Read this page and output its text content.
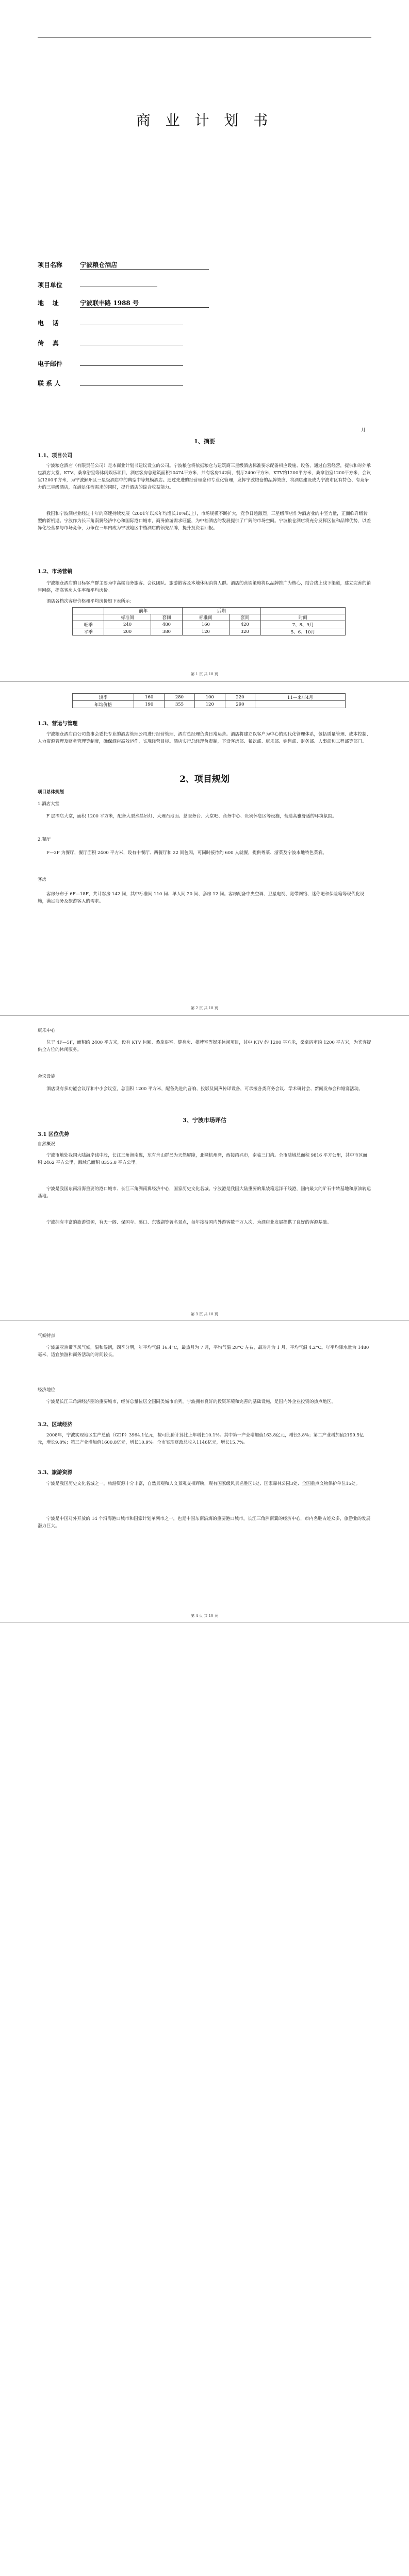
商 业 计 划 书
项目名称	宁波粮仓酒店
项目单位
地    址	宁波联丰路 1988 号
电    话
传    真
电子邮件
联 系 人
月
1、摘要
1.1、项目公司

宁波粮仓酒店（有限责任公司）是本商业计划书建议设立的公司。宁波粮仓将依据粮仓与建筑商三星级酒店标准要求配备相应设施、设备，通过自营经营，提供和对外承包酒店大堂、KTV、桑拿浴室等休闲娱乐项目，酒店客房总建筑面积10474平方米，共有客房142间，餐厅2400平方米，KTV约1200平方米，桑拿浴室1200平方米，会议室1200平方米，为宁波鄞州区三星级酒店中的典型中等规模酒店。通过先进的经营理念和专业化管理，发挥宁波粮仓的品牌效应，将酒店建设成为宁波市区有特色、有竞争力的三星级酒店，在满足住宿需求的同时，提升酒店的综合收益能力。

我国和宁波酒店业经过十年的高速持续发展（2001年以来年均增长10%以上），市场规模不断扩大，竞争日趋激烈。三星级酒店作为酒店业的中坚力量，正面临升级转型的新机遇。宁波作为长三角南翼经济中心和国际港口城市，商务旅游需求旺盛，为中档酒店的发展提供了广阔的市场空间。宁波粮仓酒店将充分发挥区位和品牌优势，以差异化经营参与市场竞争，力争在三年内成为宁波地区中档酒店的领先品牌，提升投资者回报。

1.2、市场营销

宁波粮仓酒店的目标客户群主要为中高端商务旅客、会议团队、旅游散客及本地休闲消费人群。酒店的营销策略将以品牌推广为核心，结合线上线下渠道，建立完善的销售网络，提高客房入住率和平均房价。

酒店各档次客房价格和平均房价如下表所示：

	前年		后期		
	标准间	套间	标准间	套间	时间
旺季	240	480	160	420	7、8、9月
平季	200	380	120	320	5、6、10月
第 1 页 共 10 页
淡季	160	280	100	220	11—来年4月
年均价格	190	355	120	290	
1.3、营运与管理

宁波粮仓酒店由公司董事会委托专业的酒店管理公司进行经营管理，酒店总经理负责日常运营。酒店将建立以客户为中心的现代化管理体系，包括质量管理、成本控制、人力资源管理及财务管理等制度，确保酒店高效运作，实现经营目标。酒店实行总经理负责制，下设客房部、餐饮部、康乐部、销售部、财务部、人事部和工程部等部门。

2、项目规划
项目总体规划
1.酒店大堂

F 层酒店大堂，面积 1200 平方米，配备大型水晶吊灯、大理石地面、总服务台、大堂吧、商务中心、贵宾休息区等设施，营造高雅舒适的环境氛围。

2.餐厅

F—3F 为餐厅，餐厅面积 2400 平方米，设有中餐厅、西餐厅和 22 间包厢，可同时接待约 600 人就餐，提供粤菜、浙菜及宁波本地特色菜肴。

客房

客房分布于 6F—18F，共计客房 142 间，其中标准间 110 间、单人间 20 间、套房 12 间。客房配备中央空调、卫星电视、宽带网络、迷你吧和保险箱等现代化设施，满足商务及旅游客人的需求。

第 2 页 共 10 页
康乐中心

位于 4F—5F，面积约 2400 平方米，设有 KTV 包厢、桑拿浴室、健身房、棋牌室等娱乐休闲项目，其中 KTV 约 1200 平方米，桑拿浴室约 1200 平方米，为宾客提供全方位的休闲服务。

会议设施

酒店设有多功能会议厅和中小会议室，总面积 1200 平方米，配备先进的音响、投影及同声传译设备，可承接各类商务会议、学术研讨会、新闻发布会和婚宴活动。

3、宁波市场评估
3.1 区位优势
自然概况

宁波市地处我国大陆海岸线中段，长江三角洲南翼，东有舟山群岛为天然屏障，北濒杭州湾，西接绍兴市，南临三门湾。全市陆域总面积 9816 平方公里，其中市区面积 2462 平方公里，海域总面积 8355.8 平方公里。

宁波是我国东南沿海重要的港口城市、长江三角洲南翼经济中心，国家历史文化名城。宁波港是我国大陆重要的集装箱远洋干线港，国内最大的矿石中转基地和原油转运基地。

宁波拥有丰富的旅游资源，有天一阁、保国寺、溪口、东钱湖等著名景点，每年接待国内外游客数千万人次，为酒店业发展提供了良好的客源基础。

第 3 页 共 10 页
气候特点

宁波属亚热带季风气候，温和湿润，四季分明，年平均气温 16.4°C，最热月为 7 月，平均气温 28°C 左右，最冷月为 1 月，平均气温 4.2°C。年平均降水量为 1480 毫米，适宜旅游和商务活动的时间较长。

经济地位

宁波是长江三角洲经济圈的重要城市，经济总量位居全国同类城市前列，宁波拥有良好的投资环境和完善的基础设施，是国内外企业投资的热点地区。

3.2、区域经济

2008年，宁波实现地区生产总值（GDP）3964.1亿元，按可比价计算比上年增长10.1%。其中第一产业增加值163.8亿元，增长3.8%；第二产业增加值2199.5亿元，增长9.8%；第三产业增加值1600.8亿元，增长10.9%。全市实现财政总收入1146亿元，增长15.7%。

3.3、旅游资源

宁波是我国历史文化名城之一，旅游资源十分丰富，自然景观和人文景观交相辉映，现有国家级风景名胜区1处、国家森林公园3处、全国重点文物保护单位15处。

宁波是中国对外开放的 14 个沿海港口城市和国家计划单列市之一，也是中国东南沿海的重要港口城市，长江三角洲南翼的经济中心，市内名胜古迹众多，旅游业的发展潜力巨大。

第 4 页 共 10 页
